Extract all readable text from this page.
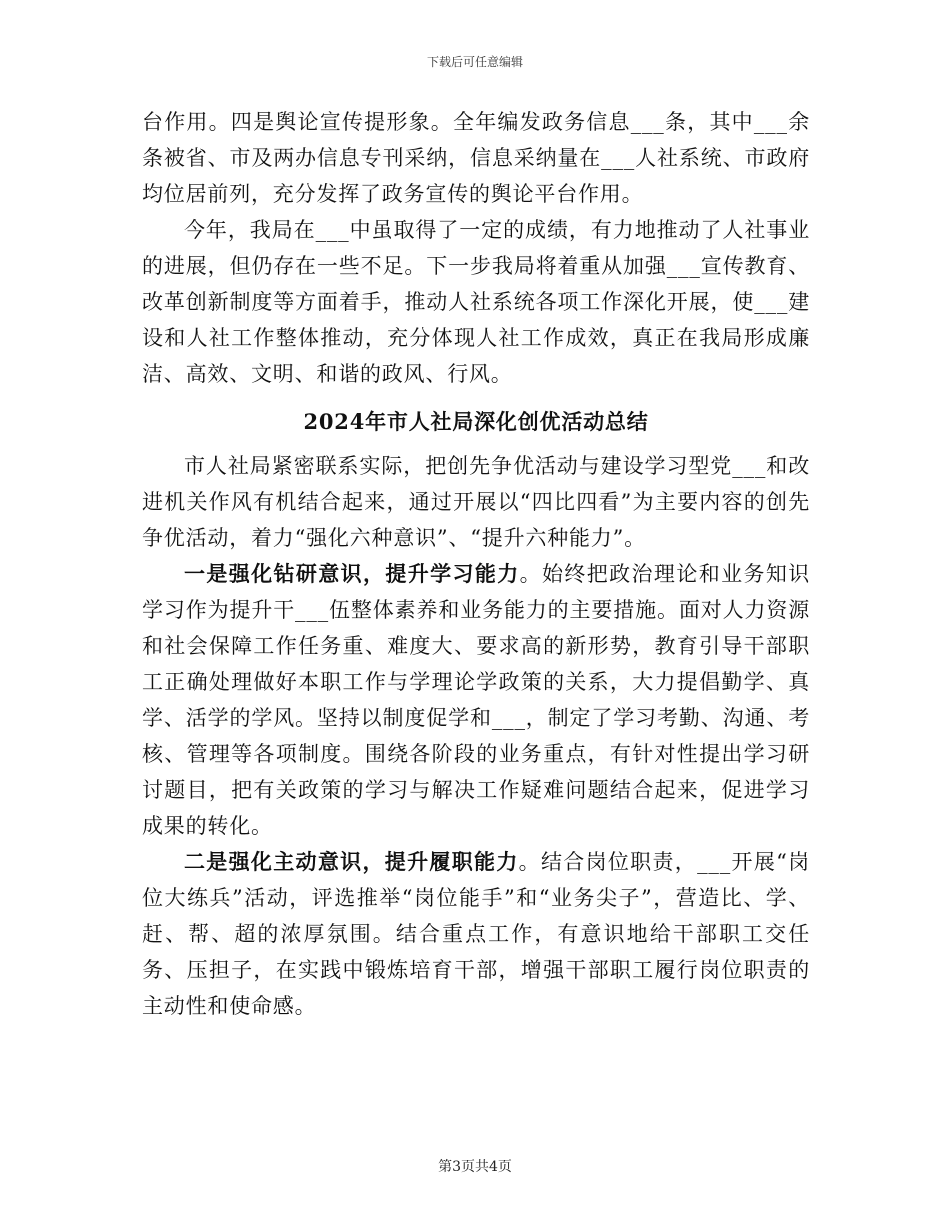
下载后可任意编辑

台作用。四是舆论宣传提形象。全年编发政务信息___条，其中___余条被省、市及两办信息专刊采纳，信息采纳量在___人社系统、市政府均位居前列，充分发挥了政务宣传的舆论平台作用。

今年，我局在___中虽取得了一定的成绩，有力地推动了人社事业的进展，但仍存在一些不足。下一步我局将着重从加强___宣传教育、改革创新制度等方面着手，推动人社系统各项工作深化开展，使___建设和人社工作整体推动，充分体现人社工作成效，真正在我局形成廉洁、高效、文明、和谐的政风、行风。

2024年市人社局深化创优活动总结

市人社局紧密联系实际，把创先争优活动与建设学习型党___和改进机关作风有机结合起来，通过开展以“四比四看”为主要内容的创先争优活动，着力“强化六种意识”、“提升六种能力”。

一是强化钻研意识，提升学习能力。始终把政治理论和业务知识学习作为提升干___伍整体素养和业务能力的主要措施。面对人力资源和社会保障工作任务重、难度大、要求高的新形势，教育引导干部职工正确处理做好本职工作与学理论学政策的关系，大力提倡勤学、真学、活学的学风。坚持以制度促学和___，制定了学习考勤、沟通、考核、管理等各项制度。围绕各阶段的业务重点，有针对性提出学习研讨题目，把有关政策的学习与解决工作疑难问题结合起来，促进学习成果的转化。

二是强化主动意识，提升履职能力。结合岗位职责，___开展“岗位大练兵”活动，评选推举“岗位能手”和“业务尖子”，营造比、学、赶、帮、超的浓厚氛围。结合重点工作，有意识地给干部职工交任务、压担子，在实践中锻炼培育干部，增强干部职工履行岗位职责的主动性和使命感。

第3页共4页
